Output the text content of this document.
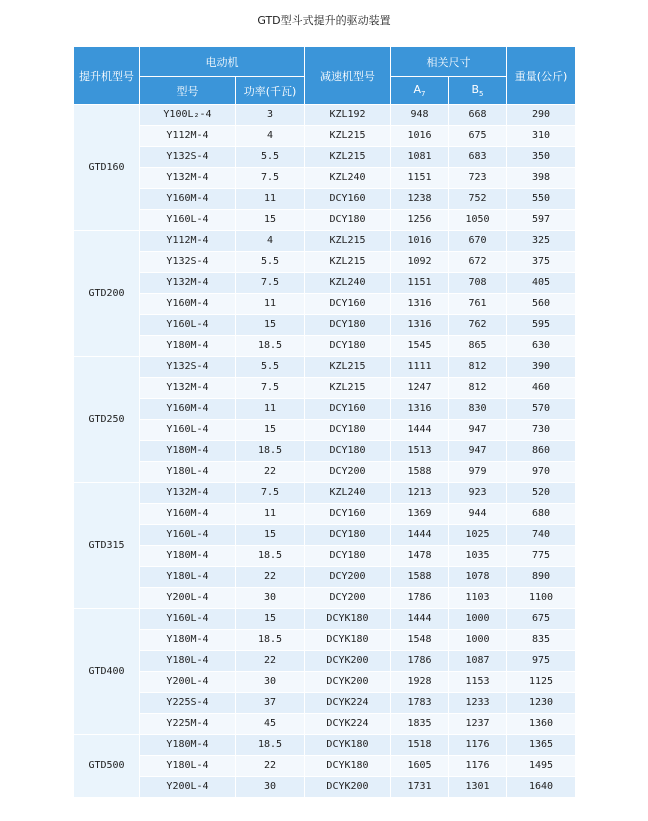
GTD型斗式提升的驱动装置
提升机型号	电动机		减速机型号	相关尺寸		重量(公斤)
	型号	功率(千瓦)		$A_7$	$B_5$
GTD160	Y100L₂-4	3	KZL192	948	668	290
	Y112M-4	4	KZL215	1016	675	310
	Y132S-4	5.5	KZL215	1081	683	350
	Y132M-4	7.5	KZL240	1151	723	398
	Y160M-4	11	DCY160	1238	752	550
	Y160L-4	15	DCY180	1256	1050	597
GTD200	Y112M-4	4	KZL215	1016	670	325
	Y132S-4	5.5	KZL215	1092	672	375
	Y132M-4	7.5	KZL240	1151	708	405
	Y160M-4	11	DCY160	1316	761	560
	Y160L-4	15	DCY180	1316	762	595
	Y180M-4	18.5	DCY180	1545	865	630
GTD250	Y132S-4	5.5	KZL215	1111	812	390
	Y132M-4	7.5	KZL215	1247	812	460
	Y160M-4	11	DCY160	1316	830	570
	Y160L-4	15	DCY180	1444	947	730
	Y180M-4	18.5	DCY180	1513	947	860
	Y180L-4	22	DCY200	1588	979	970
GTD315	Y132M-4	7.5	KZL240	1213	923	520
	Y160M-4	11	DCY160	1369	944	680
	Y160L-4	15	DCY180	1444	1025	740
	Y180M-4	18.5	DCY180	1478	1035	775
	Y180L-4	22	DCY200	1588	1078	890
	Y200L-4	30	DCY200	1786	1103	1100
GTD400	Y160L-4	15	DCYK180	1444	1000	675
	Y180M-4	18.5	DCYK180	1548	1000	835
	Y180L-4	22	DCYK200	1786	1087	975
	Y200L-4	30	DCYK200	1928	1153	1125
	Y225S-4	37	DCYK224	1783	1233	1230
	Y225M-4	45	DCYK224	1835	1237	1360
GTD500	Y180M-4	18.5	DCYK180	1518	1176	1365
	Y180L-4	22	DCYK180	1605	1176	1495
	Y200L-4	30	DCYK200	1731	1301	1640
